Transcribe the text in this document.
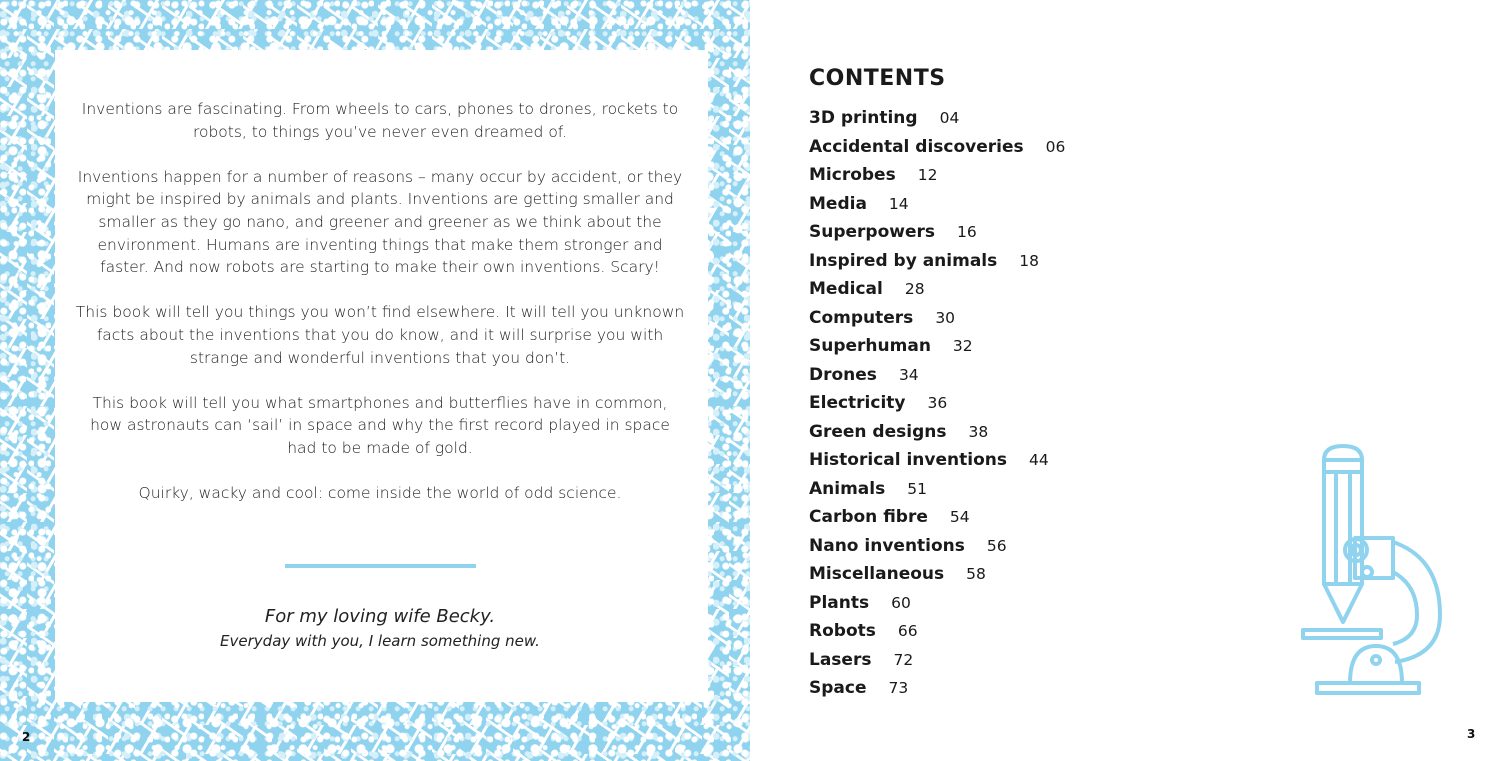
Inventions are fascinating. From wheels to cars, phones to drones, rockets to robots, to things you’ve never even dreamed of.

Inventions happen for a number of reasons – many occur by accident, or they might be inspired by animals and plants. Inventions are getting smaller and smaller as they go nano, and greener and greener as we think about the environment. Humans are inventing things that make them stronger and faster. And now robots are starting to make their own inventions. Scary!

This book will tell you things you won’t find elsewhere. It will tell you unknown facts about the inventions that you do know, and it will surprise you with strange and wonderful inventions that you don’t.

This book will tell you what smartphones and butterflies have in common, how astronauts can ‘sail’ in space and why the first record played in space had to be made of gold.

Quirky, wacky and cool: come inside the world of odd science.

For my loving wife Becky.
Everyday with you, I learn something new.
2	3
CONTENTS
3D printing 04
Accidental discoveries 06
Microbes 12
Media 14
Superpowers 16
Inspired by animals 18
Medical 28
Computers 30
Superhuman 32
Drones 34
Electricity 36
Green designs 38
Historical inventions 44
Animals 51
Carbon fibre 54
Nano inventions 56
Miscellaneous 58
Plants 60
Robots 66
Lasers 72
Space 73
